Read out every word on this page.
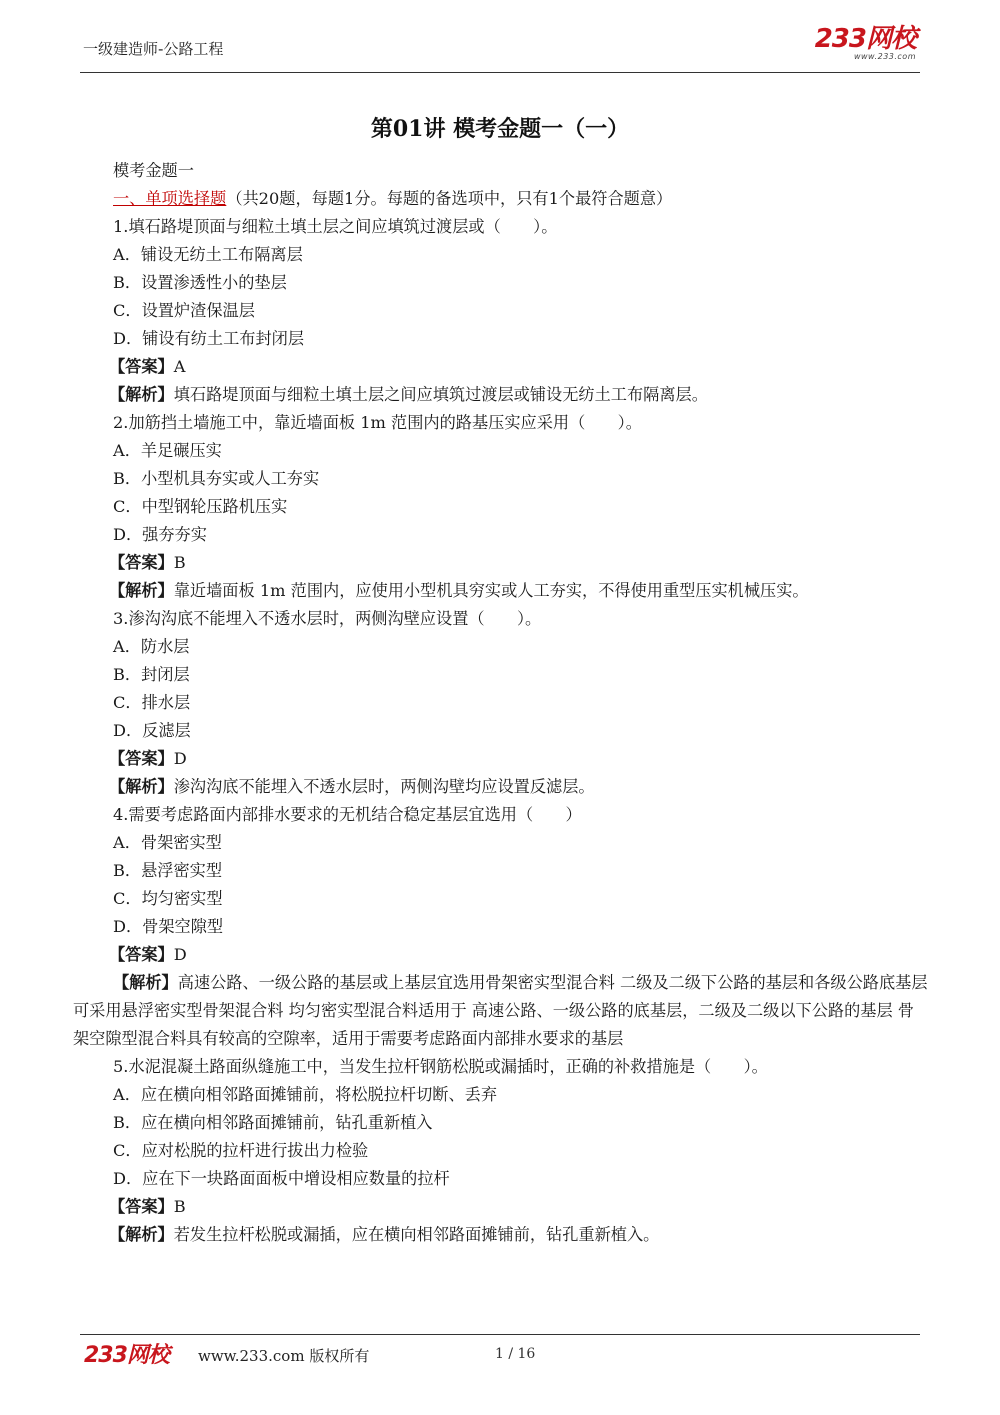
一级建造师-公路工程	233网校
www.233.com
第01讲 模考金题一（一）

模考金题一

一、单项选择题（共20题，每题1分。每题的备选项中，只有1个最符合题意）

1.填石路堤顶面与细粒土填土层之间应填筑过渡层或（　　）。

A．铺设无纺土工布隔离层

B．设置渗透性小的垫层

C．设置炉渣保温层

D．铺设有纺土工布封闭层

【答案】A

【解析】填石路堤顶面与细粒土填土层之间应填筑过渡层或铺设无纺土工布隔离层。

2.加筋挡土墙施工中，靠近墙面板 1m 范围内的路基压实应采用（　　）。

A．羊足碾压实

B．小型机具夯实或人工夯实

C．中型钢轮压路机压实

D．强夯夯实

【答案】B

【解析】靠近墙面板 1m 范围内，应使用小型机具穷实或人工夯实，不得使用重型压实机械压实。

3.渗沟沟底不能埋入不透水层时，两侧沟壁应设置（　　）。

A．防水层

B．封闭层

C．排水层

D．反滤层

【答案】D

【解析】渗沟沟底不能埋入不透水层时，两侧沟壁均应设置反滤层。

4.需要考虑路面内部排水要求的无机结合稳定基层宜选用（　　）

A．骨架密实型

B．悬浮密实型

C．均匀密实型

D．骨架空隙型

【答案】D

【解析】高速公路、一级公路的基层或上基层宜选用骨架密实型混合料 二级及二级下公路的基层和各级公路底基层可采用悬浮密实型骨架混合料 均匀密实型混合料适用于 高速公路、一级公路的底基层，二级及二级以下公路的基层 骨架空隙型混合料具有较高的空隙率，适用于需要考虑路面内部排水要求的基层

5.水泥混凝土路面纵缝施工中，当发生拉杆钢筋松脱或漏插时，正确的补救措施是（　　）。

A．应在横向相邻路面摊铺前，将松脱拉杆切断、丢弃

B．应在横向相邻路面摊铺前，钻孔重新植入

C．应对松脱的拉杆进行拔出力检验

D．应在下一块路面面板中增设相应数量的拉杆

【答案】B

【解析】若发生拉杆松脱或漏插，应在横向相邻路面摊铺前，钻孔重新植入。

233网校 www.233.com 版权所有	1 / 16
